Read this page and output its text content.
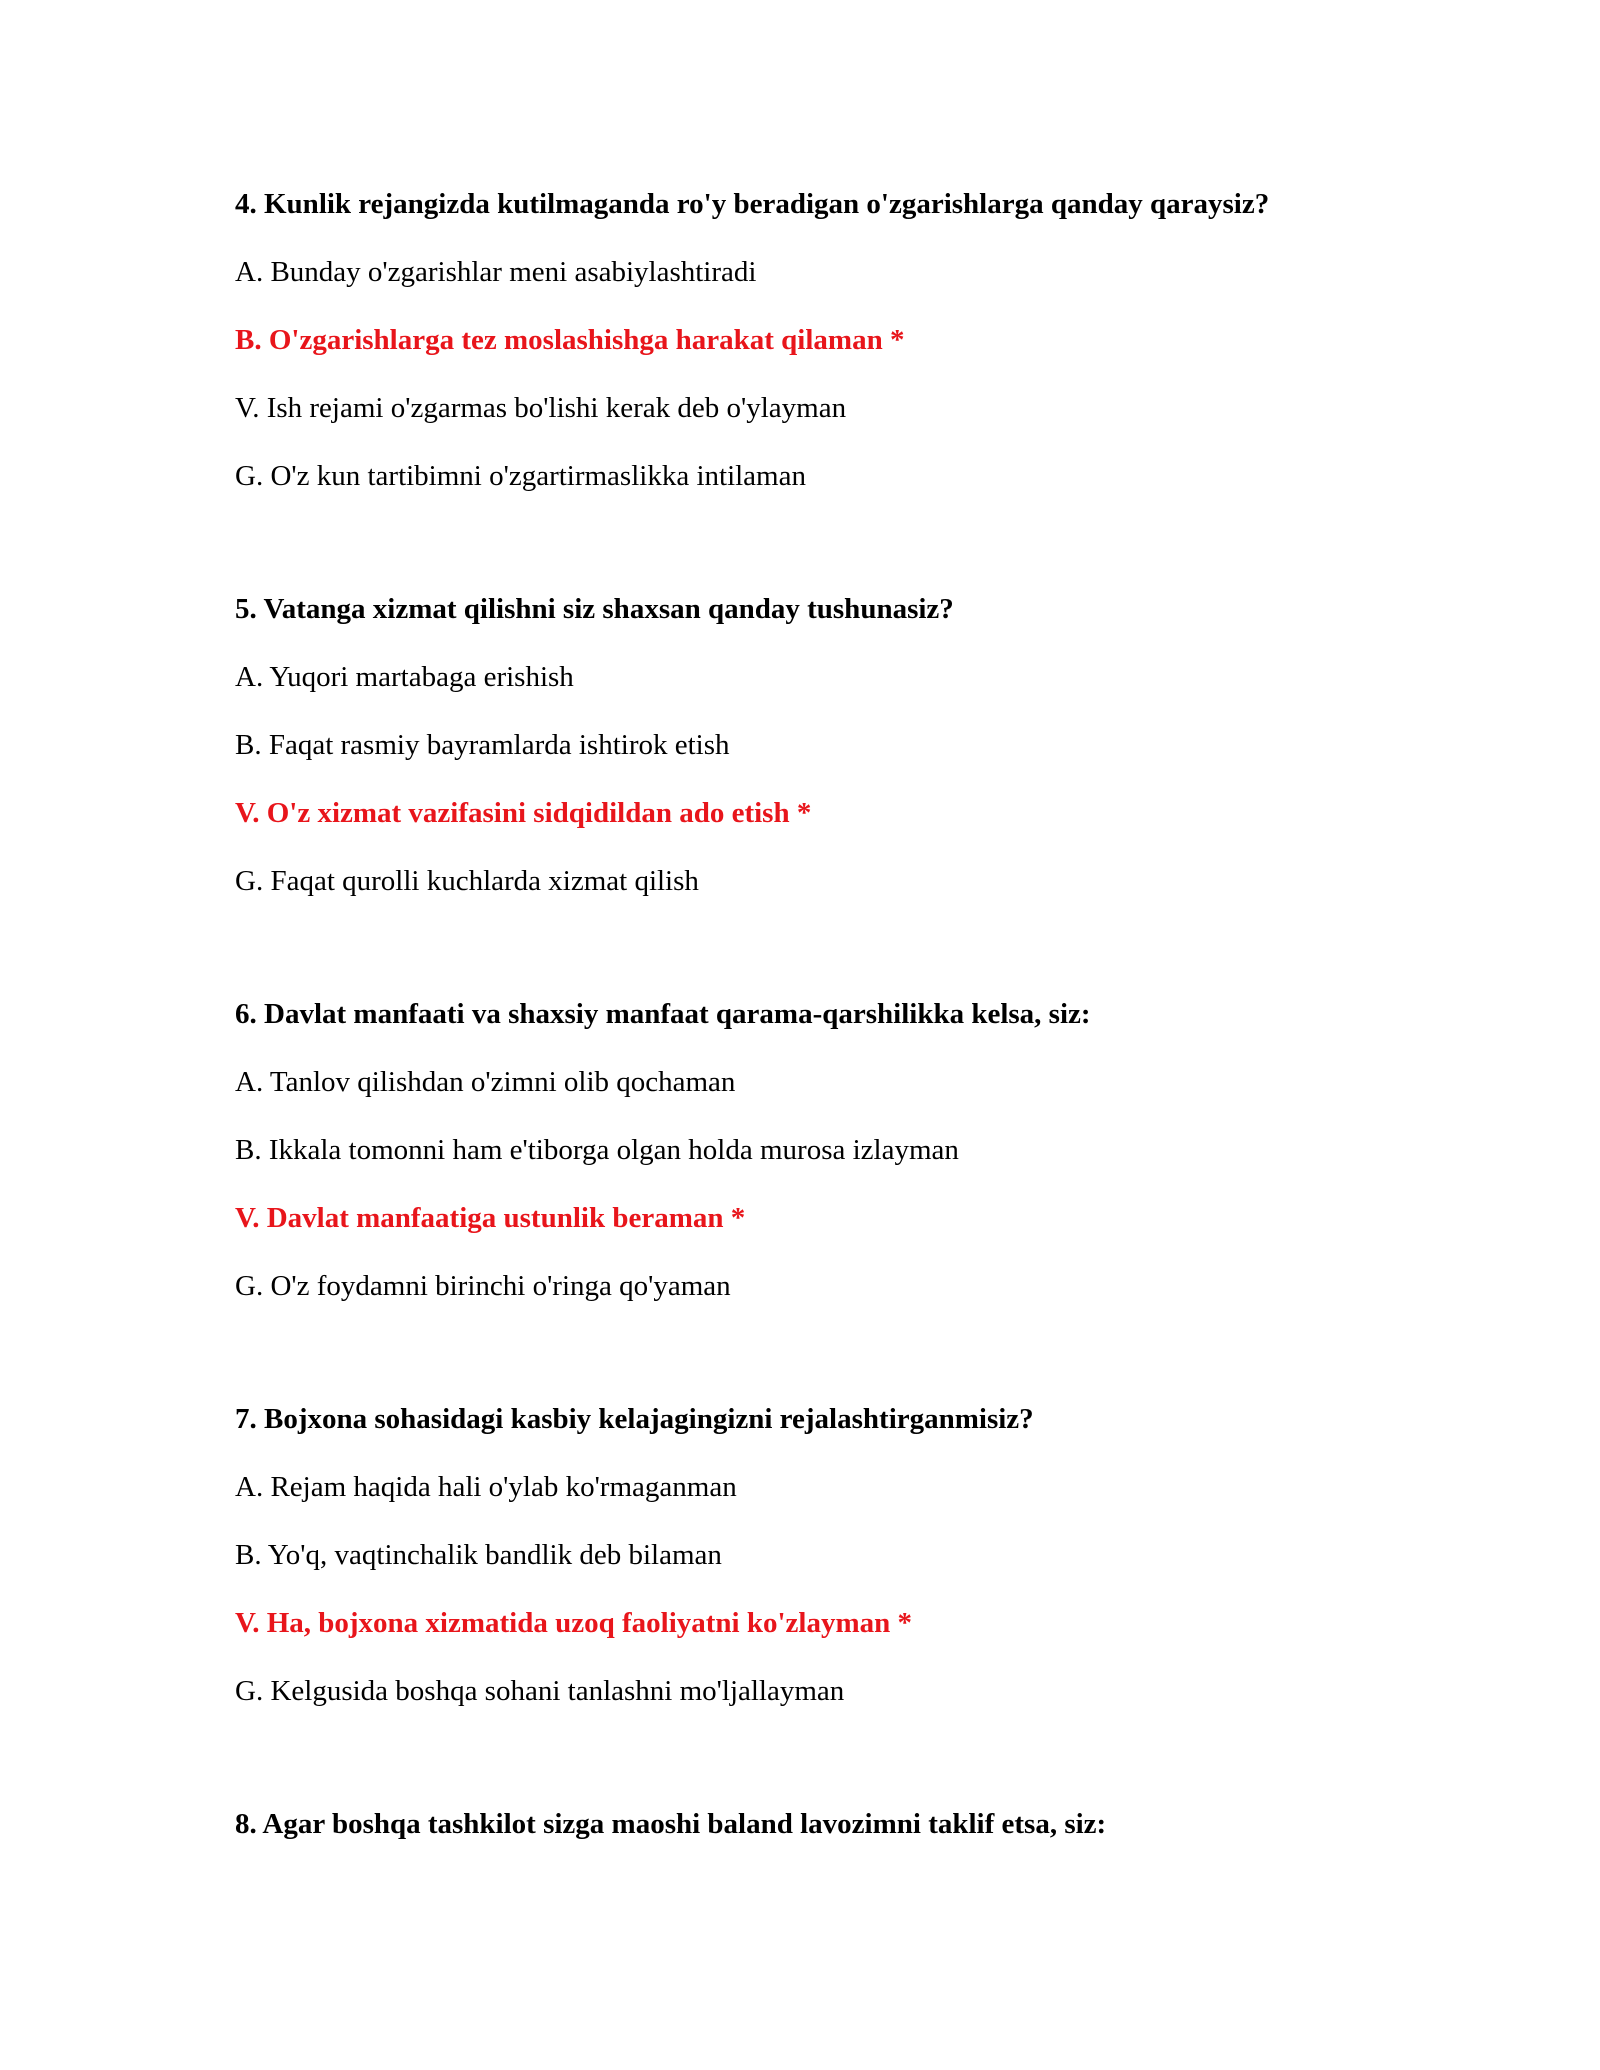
4. Kunlik rejangizda kutilmaganda ro'y beradigan o'zgarishlarga qanday qaraysiz?

A. Bunday o'zgarishlar meni asabiylashtiradi
B. O'zgarishlarga tez moslashishga harakat qilaman *
V. Ish rejami o'zgarmas bo'lishi kerak deb o'ylayman
G. O'z kun tartibimni o'zgartirmaslikka intilaman

5. Vatanga xizmat qilishni siz shaxsan qanday tushunasiz?

A. Yuqori martabaga erishish
B. Faqat rasmiy bayramlarda ishtirok etish
V. O'z xizmat vazifasini sidqidildan ado etish *
G. Faqat qurolli kuchlarda xizmat qilish

6. Davlat manfaati va shaxsiy manfaat qarama-qarshilikka kelsa, siz:

A. Tanlov qilishdan o'zimni olib qochaman
B. Ikkala tomonni ham e'tiborga olgan holda murosa izlayman
V. Davlat manfaatiga ustunlik beraman *
G. O'z foydamni birinchi o'ringa qo'yaman

7. Bojxona sohasidagi kasbiy kelajagingizni rejalashtirganmisiz?

A. Rejam haqida hali o'ylab ko'rmaganman
B. Yo'q, vaqtinchalik bandlik deb bilaman
V. Ha, bojxona xizmatida uzoq faoliyatni ko'zlayman *
G. Kelgusida boshqa sohani tanlashni mo'ljallayman

8. Agar boshqa tashkilot sizga maoshi baland lavozimni taklif etsa, siz:
